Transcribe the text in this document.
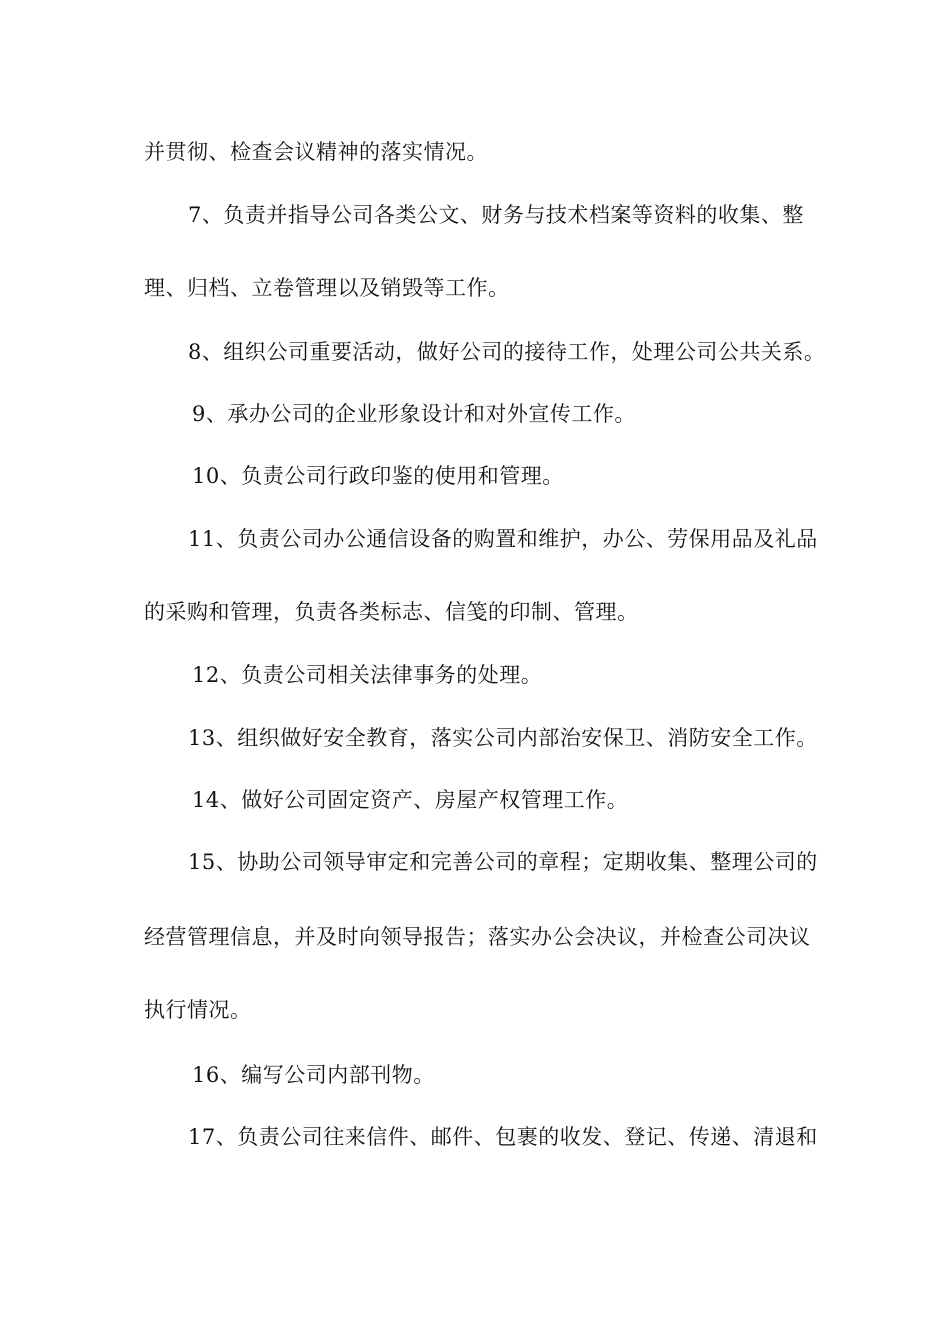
并贯彻、检查会议精神的落实情况。
7、负责并指导公司各类公文、财务与技术档案等资料的收集、整
理、归档、立卷管理以及销毁等工作。
8、组织公司重要活动，做好公司的接待工作，处理公司公共关系。
9、承办公司的企业形象设计和对外宣传工作。
10、负责公司行政印鉴的使用和管理。
11、负责公司办公通信设备的购置和维护，办公、劳保用品及礼品
的采购和管理，负责各类标志、信笺的印制、管理。
12、负责公司相关法律事务的处理。
13、组织做好安全教育，落实公司内部治安保卫、消防安全工作。
14、做好公司固定资产、房屋产权管理工作。
15、协助公司领导审定和完善公司的章程；定期收集、整理公司的
经营管理信息，并及时向领导报告；落实办公会决议，并检查公司决议
执行情况。
16、编写公司内部刊物。
17、负责公司往来信件、邮件、包裹的收发、登记、传递、清退和
